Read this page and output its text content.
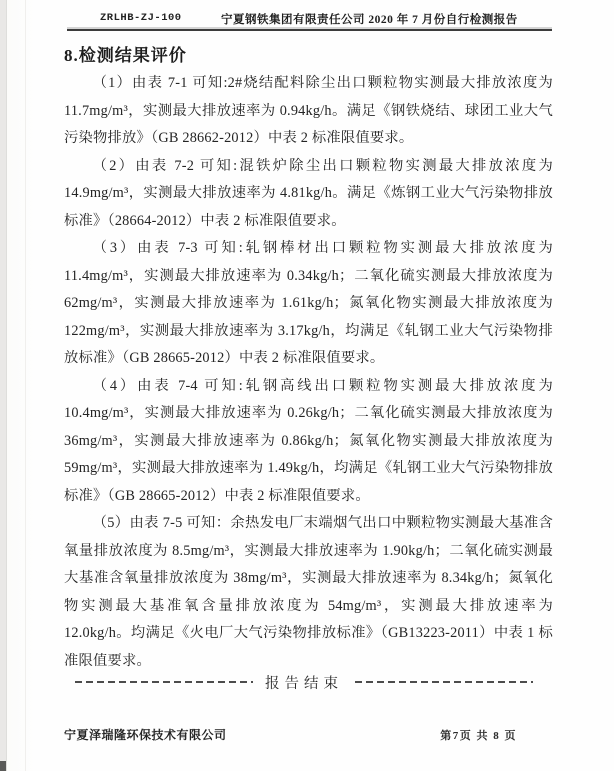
ZRLHB-ZJ-100	宁夏钢铁集团有限责任公司 2020 年 7 月份自行检测报告
8.检测结果评价

（1）由表 7-1 可知:2#烧结配料除尘出口颗粒物实测最大排放浓度为 11.7mg/m³，实测最大排放速率为 0.94kg/h。满足《钢铁烧结、球团工业大气污染物排放》（GB 28662-2012）中表 2 标准限值要求。

（2）由表 7-2 可知:混铁炉除尘出口颗粒物实测最大排放浓度为 14.9mg/m³，实测最大排放速率为 4.81kg/h。满足《炼钢工业大气污染物排放标准》（28664-2012）中表 2 标准限值要求。

（3）由表 7-3 可知:轧钢棒材出口颗粒物实测最大排放浓度为 11.4mg/m³，实测最大排放速率为 0.34kg/h；二氧化硫实测最大排放浓度为 62mg/m³，实测最大排放速率为 1.61kg/h；氮氧化物实测最大排放浓度为 122mg/m³，实测最大排放速率为 3.17kg/h，均满足《轧钢工业大气污染物排放标准》（GB 28665-2012）中表 2 标准限值要求。

（4）由表 7-4 可知:轧钢高线出口颗粒物实测最大排放浓度为 10.4mg/m³，实测最大排放速率为 0.26kg/h；二氧化硫实测最大排放浓度为 36mg/m³，实测最大排放速率为 0.86kg/h；氮氧化物实测最大排放浓度为 59mg/m³，实测最大排放速率为 1.49kg/h，均满足《轧钢工业大气污染物排放标准》（GB 28665-2012）中表 2 标准限值要求。

（5）由表 7-5 可知：余热发电厂末端烟气出口中颗粒物实测最大基准含氧量排放浓度为 8.5mg/m³，实测最大排放速率为 1.90kg/h；二氧化硫实测最大基准含氧量排放浓度为 38mg/m³，实测最大排放速率为 8.34kg/h；氮氧化物实测最大基准氧含量排放浓度为 54mg/m³，实测最大排放速率为 12.0kg/h。均满足《火电厂大气污染物排放标准》（GB13223-2011）中表 1 标准限值要求。

报告结束
宁夏泽瑞隆环保技术有限公司	第7页 共 8 页
